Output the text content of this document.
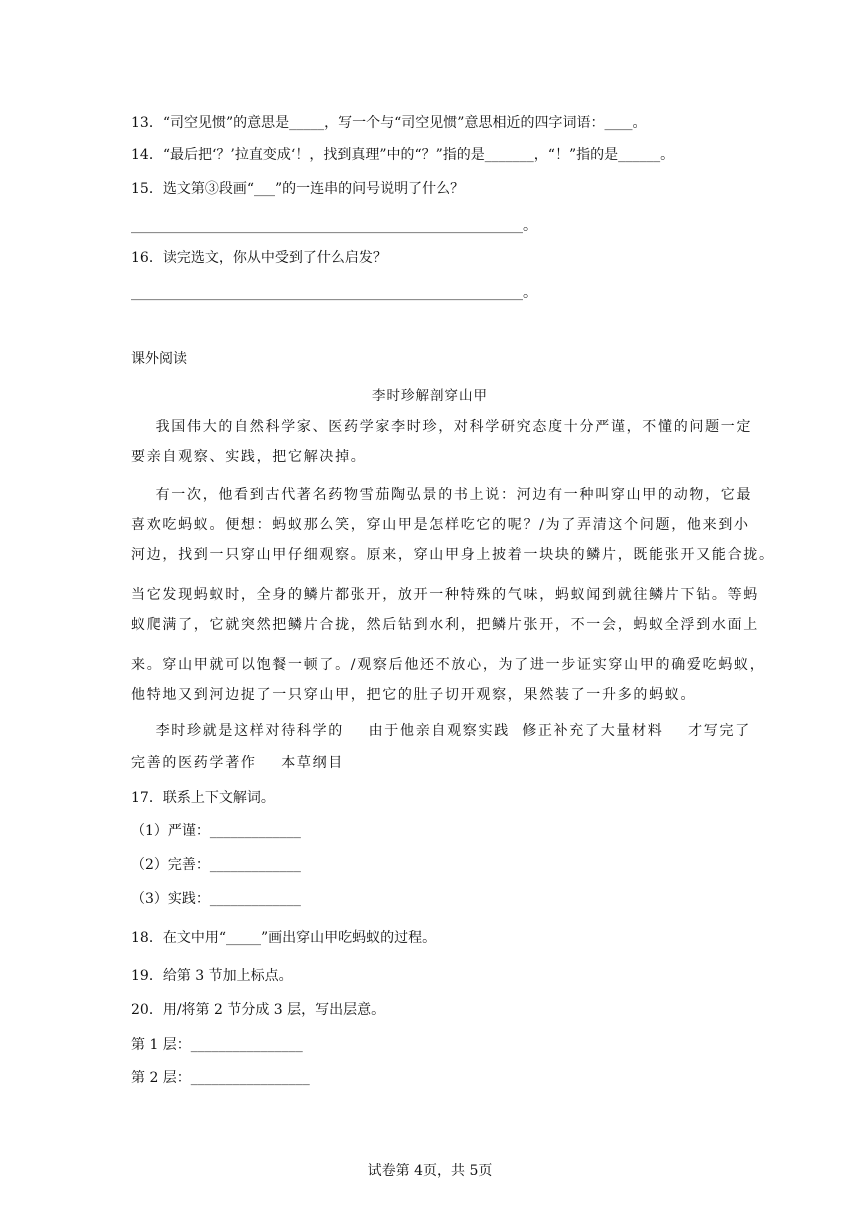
13．“司空见惯”的意思是_____，写一个与“司空见惯”意思相近的四字词语：____。
14．“最后把‘？’拉直变成‘！，找到真理”中的“？”指的是_______，“！”指的是______。
15．选文第③段画“___”的一连串的问号说明了什么？
________________________________________________________。
16．读完选文，你从中受到了什么启发？
________________________________________________________。
课外阅读
李时珍解剖穿山甲
我国伟大的自然科学家、医药学家李时珍，对科学研究态度十分严谨，不懂的问题一定
要亲自观察、实践，把它解决掉。
有一次，他看到古代著名药物雪茄陶弘景的书上说：河边有一种叫穿山甲的动物，它最
喜欢吃蚂蚁。便想：蚂蚁那么笑，穿山甲是怎样吃它的呢？/为了弄清这个问题，他来到小
河边，找到一只穿山甲仔细观察。原来，穿山甲身上披着一块块的鳞片，既能张开又能合拢。
当它发现蚂蚁时，全身的鳞片都张开，放开一种特殊的气味，蚂蚁闻到就往鳞片下钻。等蚂
蚁爬满了，它就突然把鳞片合拢，然后钻到水利，把鳞片张开，不一会，蚂蚁全浮到水面上
来。穿山甲就可以饱餐一顿了。/观察后他还不放心，为了进一步证实穿山甲的确爱吃蚂蚁，
他特地又到河边捉了一只穿山甲，把它的肚子切开观察，果然装了一升多的蚂蚁。
李时珍就是这样对待科学的    由于他亲自观察实践  修正补充了大量材料    才写完了
完善的医药学著作    本草纲目
17．联系上下文解词。
（1）严谨：_____________
（2）完善：_____________
（3）实践：_____________
18．在文中用“_____”画出穿山甲吃蚂蚁的过程。
19．给第 3 节加上标点。
20．用/将第 2 节分成 3 层，写出层意。
第 1 层：________________
第 2 层：_________________
试卷第 4页，共 5页
